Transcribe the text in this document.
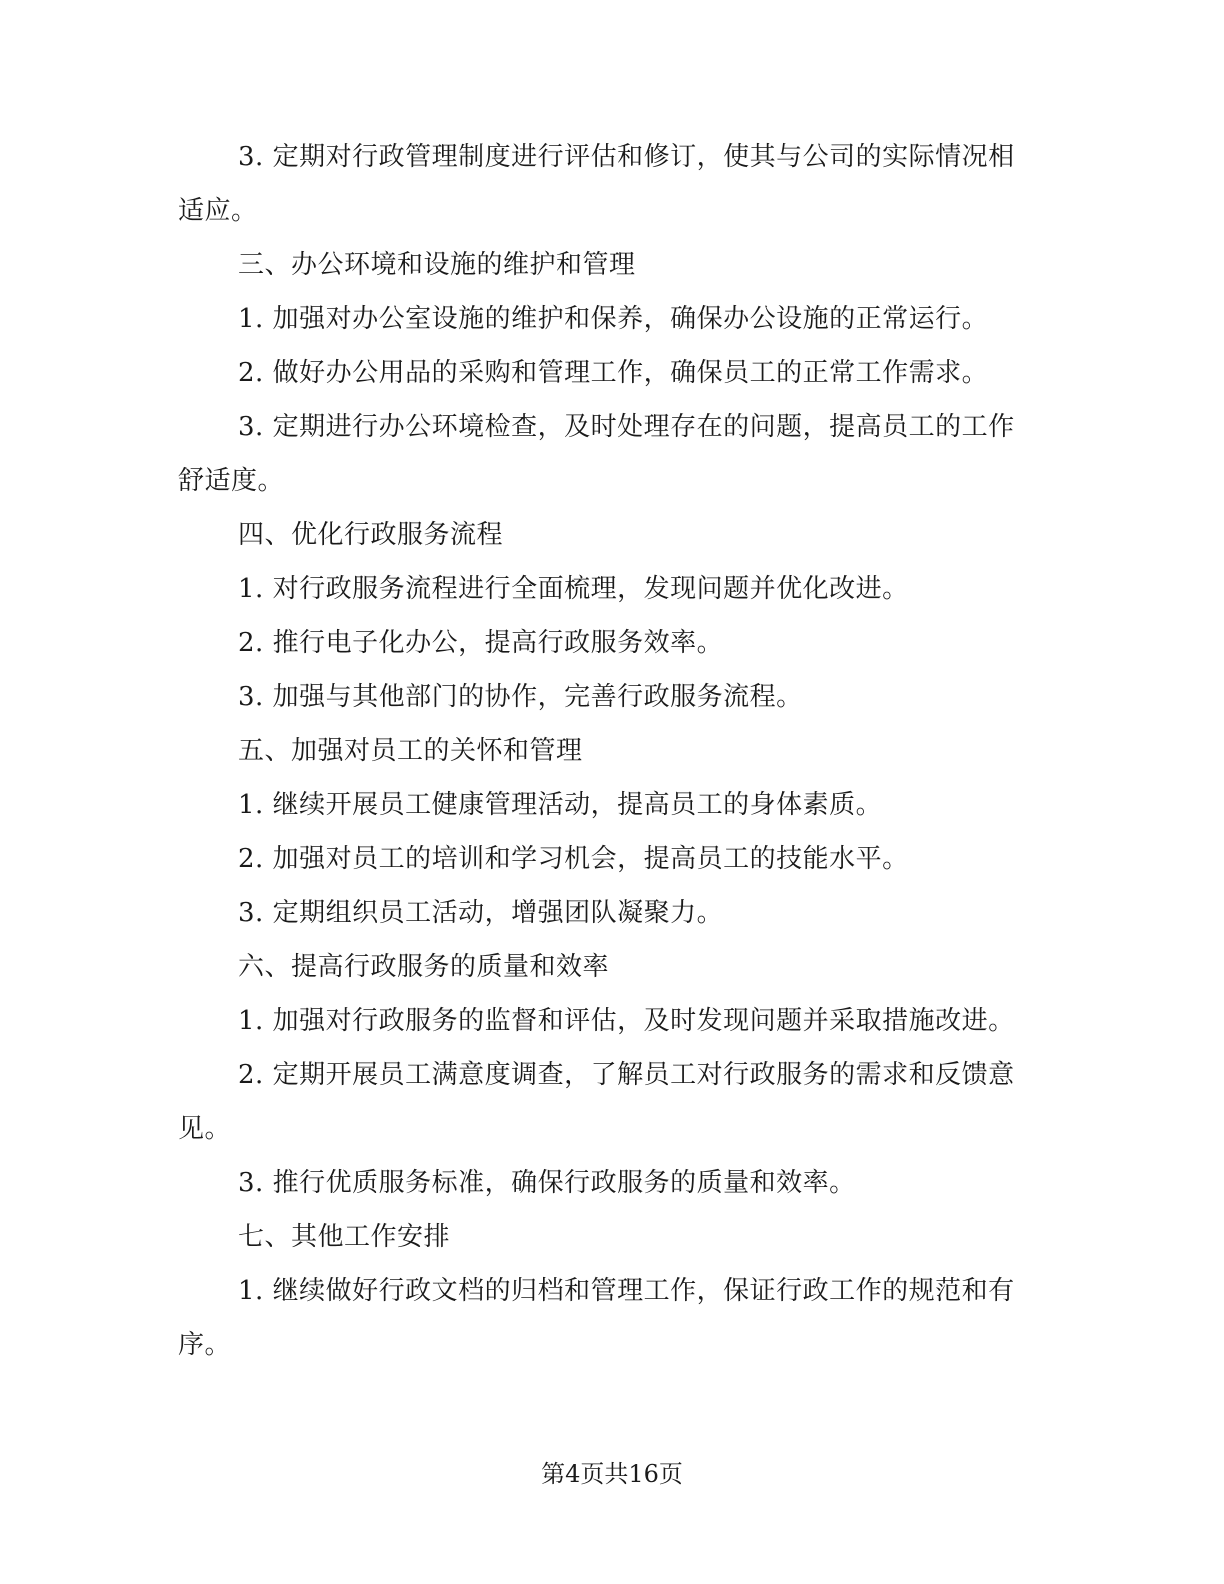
3. 定期对行政管理制度进行评估和修订，使其与公司的实际情况相适应。

三、办公环境和设施的维护和管理

1. 加强对办公室设施的维护和保养，确保办公设施的正常运行。

2. 做好办公用品的采购和管理工作，确保员工的正常工作需求。

3. 定期进行办公环境检查，及时处理存在的问题，提高员工的工作舒适度。

四、优化行政服务流程

1. 对行政服务流程进行全面梳理，发现问题并优化改进。

2. 推行电子化办公，提高行政服务效率。

3. 加强与其他部门的协作，完善行政服务流程。

五、加强对员工的关怀和管理

1. 继续开展员工健康管理活动，提高员工的身体素质。

2. 加强对员工的培训和学习机会，提高员工的技能水平。

3. 定期组织员工活动，增强团队凝聚力。

六、提高行政服务的质量和效率

1. 加强对行政服务的监督和评估，及时发现问题并采取措施改进。

2. 定期开展员工满意度调查，了解员工对行政服务的需求和反馈意见。

3. 推行优质服务标准，确保行政服务的质量和效率。

七、其他工作安排

1. 继续做好行政文档的归档和管理工作，保证行政工作的规范和有序。

第4页共16页
